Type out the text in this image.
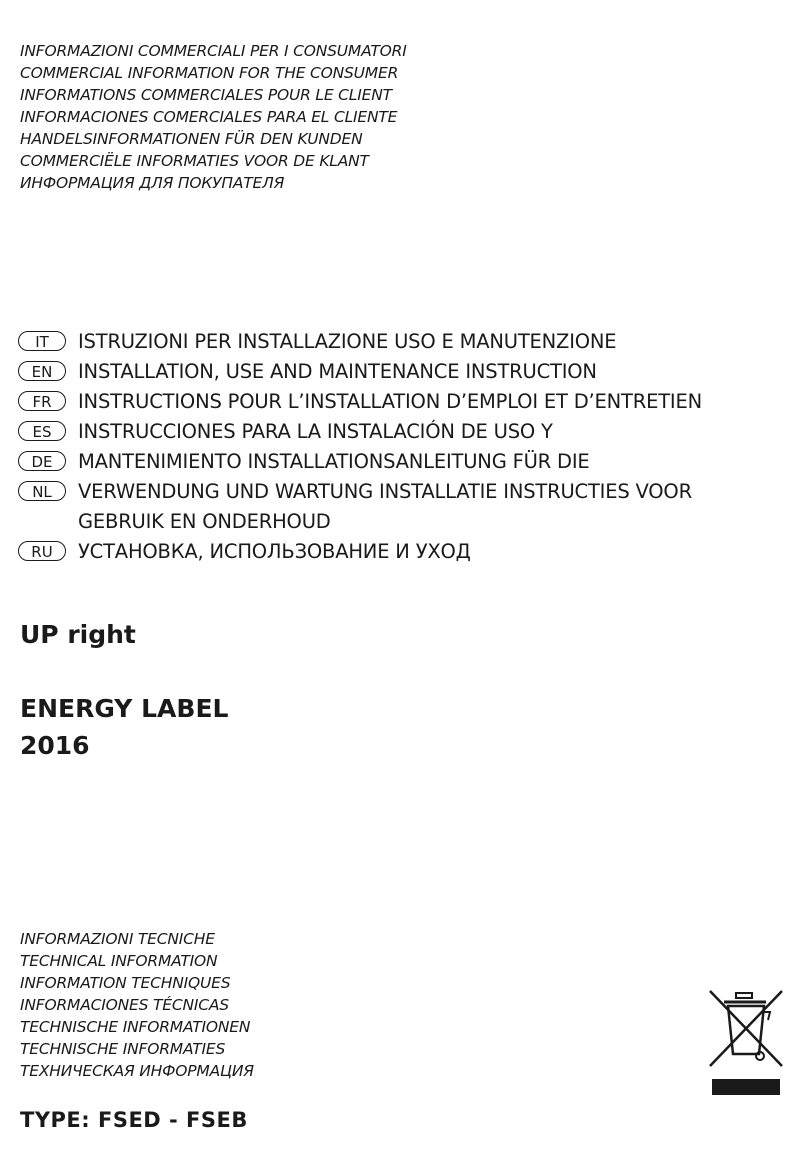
INFORMAZIONI COMMERCIALI PER I CONSUMATORI
COMMERCIAL INFORMATION FOR THE CONSUMER
INFORMATIONS COMMERCIALES POUR LE CLIENT
INFORMACIONES COMERCIALES PARA EL CLIENTE
HANDELSINFORMATIONEN FÜR DEN KUNDEN
COMMERCIËLE INFORMATIES VOOR DE KLANT
ИНФОРМАЦИЯ ДЛЯ ПОКУПАТЕЛЯ
IT	ISTRUZIONI PER INSTALLAZIONE USO E MANUTENZIONE
EN	INSTALLATION, USE AND MAINTENANCE INSTRUCTION
FR	INSTRUCTIONS POUR L’INSTALLATION D’EMPLOI ET D’ENTRETIEN
ES	INSTRUCCIONES PARA LA INSTALACIÓN DE USO Y
DE	MANTENIMIENTO INSTALLATIONSANLEITUNG FÜR DIE
NL	VERWENDUNG UND WARTUNG INSTALLATIE INSTRUCTIES VOOR
GEBRUIK EN ONDERHOUD
RU	УСТАНОВКА, ИСПОЛЬЗОВАНИЕ И УХОД
UP right
ENERGY LABEL
2016
INFORMAZIONI TECNICHE
TECHNICAL INFORMATION
INFORMATION TECHNIQUES
INFORMACIONES TÉCNICAS
TECHNISCHE INFORMATIONEN
TECHNISCHE INFORMATIES
ТЕХНИЧЕСКАЯ ИНФОРМАЦИЯ
TYPE: FSED - FSEB
